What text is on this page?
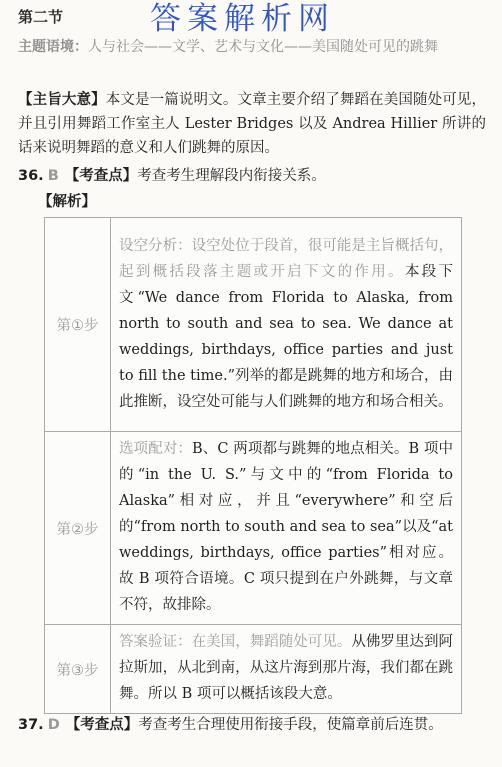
第二节
主题语境：人与社会——文学、艺术与文化——美国随处可见的跳舞
答案解析网
【主旨大意】本文是一篇说明文。文章主要介绍了舞蹈在美国随处可见，并且引用舞蹈工作室主人 Lester Bridges 以及 Andrea Hillier 所讲的话来说明舞蹈的意义和人们跳舞的原因。
36. B 【考查点】考查考生理解段内衔接关系。
【解析】
第①步	设空分析：设空处位于段首，很可能是主旨概括句，起到概括段落主题或开启下文的作用。本段下文“We dance from Florida to Alaska, from north to south and sea to sea. We dance at weddings, birthdays, office parties and just to fill the time.”列举的都是跳舞的地方和场合，由此推断，设空处可能与人们跳舞的地方和场合相关。
第②步	选项配对：B、C 两项都与跳舞的地点相关。B 项中的“in the U. S.”与文中的“from Florida to Alaska”相对应，并且“everywhere”和空后的“from north to south and sea to sea”以及“at weddings, birthdays, office parties”相对应。故 B 项符合语境。C 项只提到在户外跳舞，与文章不符，故排除。
第③步	答案验证：在美国，舞蹈随处可见。从佛罗里达到阿拉斯加，从北到南，从这片海到那片海，我们都在跳舞。所以 B 项可以概括该段大意。
37. D 【考查点】考查考生合理使用衔接手段，使篇章前后连贯。
